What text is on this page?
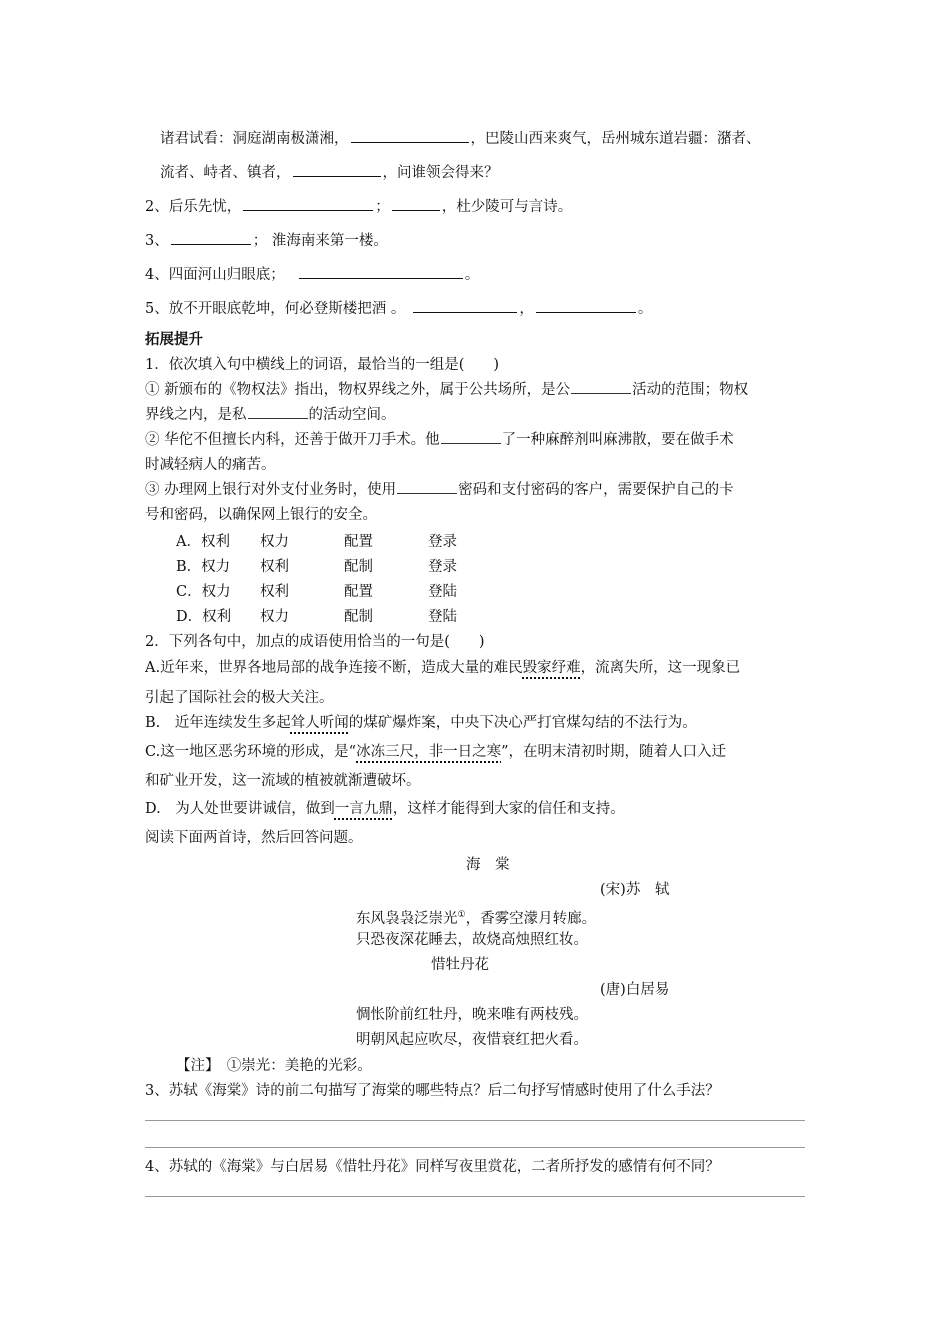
诸君试看：洞庭湖南极潇湘，	，巴陵山西来爽气，岳州城东道岩疆：潴者、
流者、峙者、镇者，	，问谁领会得来？
2、后乐先忧，	；	，杜少陵可与言诗。
3、	； 淮海南来第一楼。
4、四面河山归眼底；	。
5、放不开眼底乾坤，何必登斯楼把酒 。	，	。
拓展提升
1．依次填入句中横线上的词语，最恰当的一组是(　　)
① 新颁布的《物权法》指出，物权界线之外，属于公共场所，是公	活动的范围；物权
界线之内，是私	的活动空间。
② 华佗不但擅长内科，还善于做开刀手术。他	了一种麻醉剂叫麻沸散，要在做手术
时减轻病人的痛苦。
③ 办理网上银行对外支付业务时，使用	密码和支付密码的客户，需要保护自己的卡
号和密码，以确保网上银行的安全。
A．权利 权力	配置	登录
B．权力 权利	配制	登录
C．权力 权利	配置	登陆
D．权利 权力	配制	登陆
2．下列各句中，加点的成语使用恰当的一句是(　　)
A.近年来，世界各地局部的战争连接不断，造成大量的难民毁家纾难，流离失所，这一现象已
引起了国际社会的极大关注。
B.　近年连续发生多起耸人听闻的煤矿爆炸案，中央下决心严打官煤勾结的不法行为。
C.这一地区恶劣环境的形成，是“冰冻三尺，非一日之寒”，在明末清初时期，随着人口入迁
和矿业开发，这一流域的植被就渐遭破坏。
D.　为人处世要讲诚信，做到一言九鼎，这样才能得到大家的信任和支持。
阅读下面两首诗，然后回答问题。
海　棠
(宋)苏　轼
东风袅袅泛崇光①，香雾空濛月转廊。
只恐夜深花睡去，故烧高烛照红妆。
惜牡丹花
(唐)白居易
惆怅阶前红牡丹，晚来唯有两枝残。
明朝风起应吹尽，夜惜衰红把火看。
【注】　①崇光：美艳的光彩。
3、苏轼《海棠》诗的前二句描写了海棠的哪些特点？后二句抒写情感时使用了什么手法？
4、苏轼的《海棠》与白居易《惜牡丹花》同样写夜里赏花，二者所抒发的感情有何不同？
